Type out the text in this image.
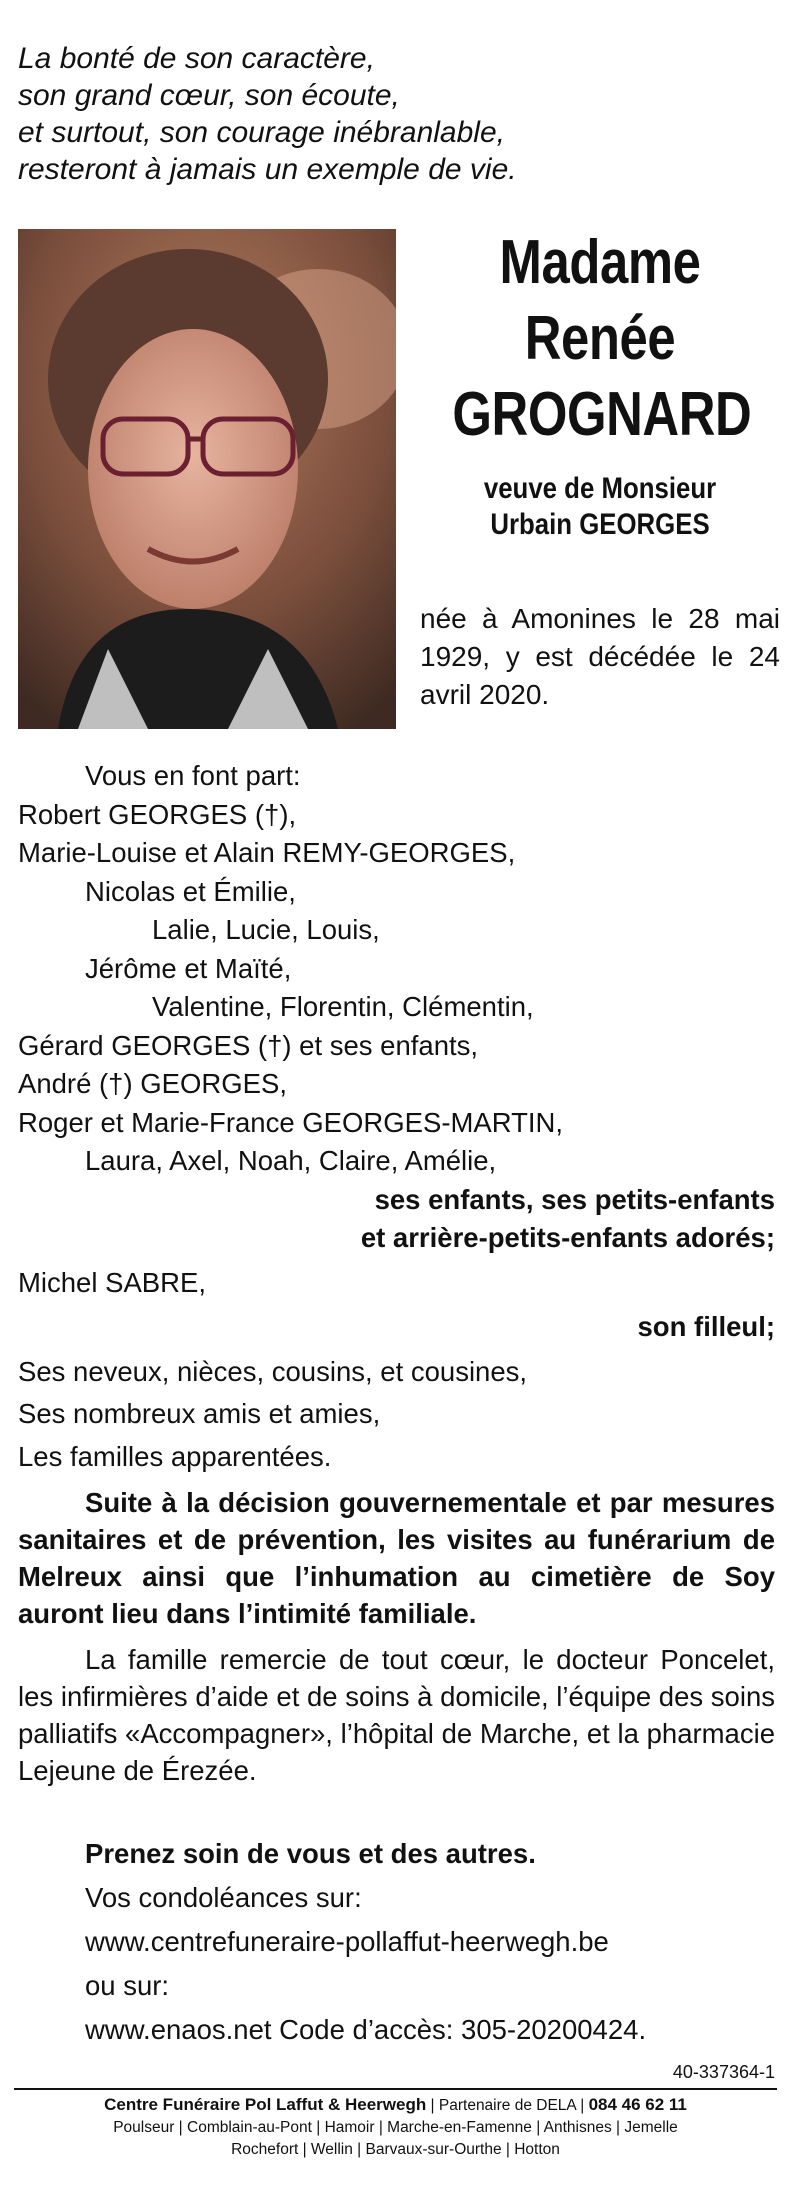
La bonté de son caractère,
son grand cœur, son écoute,
et surtout, son courage inébranlable,
resteront à jamais un exemple de vie.
Madame
Renée
GROGNARD
veuve de Monsieur
Urbain GEORGES
née à Amonines le 28 mai 1929, y est décédée le 24 avril 2020.
Vous en font part:
Robert GEORGES (†),
Marie-Louise et Alain REMY-GEORGES,
Nicolas et Émilie,
Lalie, Lucie, Louis,
Jérôme et Maïté,
Valentine, Florentin, Clémentin,
Gérard GEORGES (†) et ses enfants,
André (†) GEORGES,
Roger et Marie-France GEORGES-MARTIN,
Laura, Axel, Noah, Claire, Amélie,
ses enfants, ses petits-enfants
et arrière-petits-enfants adorés;
Michel SABRE,
son filleul;
Ses neveux, nièces, cousins, et cousines,
Ses nombreux amis et amies,
Les familles apparentées.
Suite à la décision gouvernementale et par mesures sanitaires et de prévention, les visites au funérarium de Melreux ainsi que l’inhumation au cimetière de Soy auront lieu dans l’intimité familiale.
La famille remercie de tout cœur, le docteur Poncelet, les infirmières d’aide et de soins à domicile, l’équipe des soins palliatifs «Accompagner», l’hôpital de Marche, et la pharmacie Lejeune de Érezée.
Prenez soin de vous et des autres.
Vos condoléances sur:
www.centrefuneraire-pollaffut-heerwegh.be
ou sur:
www.enaos.net Code d’accès: 305-20200424.
40-337364-1
Centre Funéraire Pol Laffut & Heerwegh | Partenaire de DELA | 084 46 62 11
Poulseur | Comblain-au-Pont | Hamoir | Marche-en-Famenne | Anthisnes | Jemelle
Rochefort | Wellin | Barvaux-sur-Ourthe | Hotton
